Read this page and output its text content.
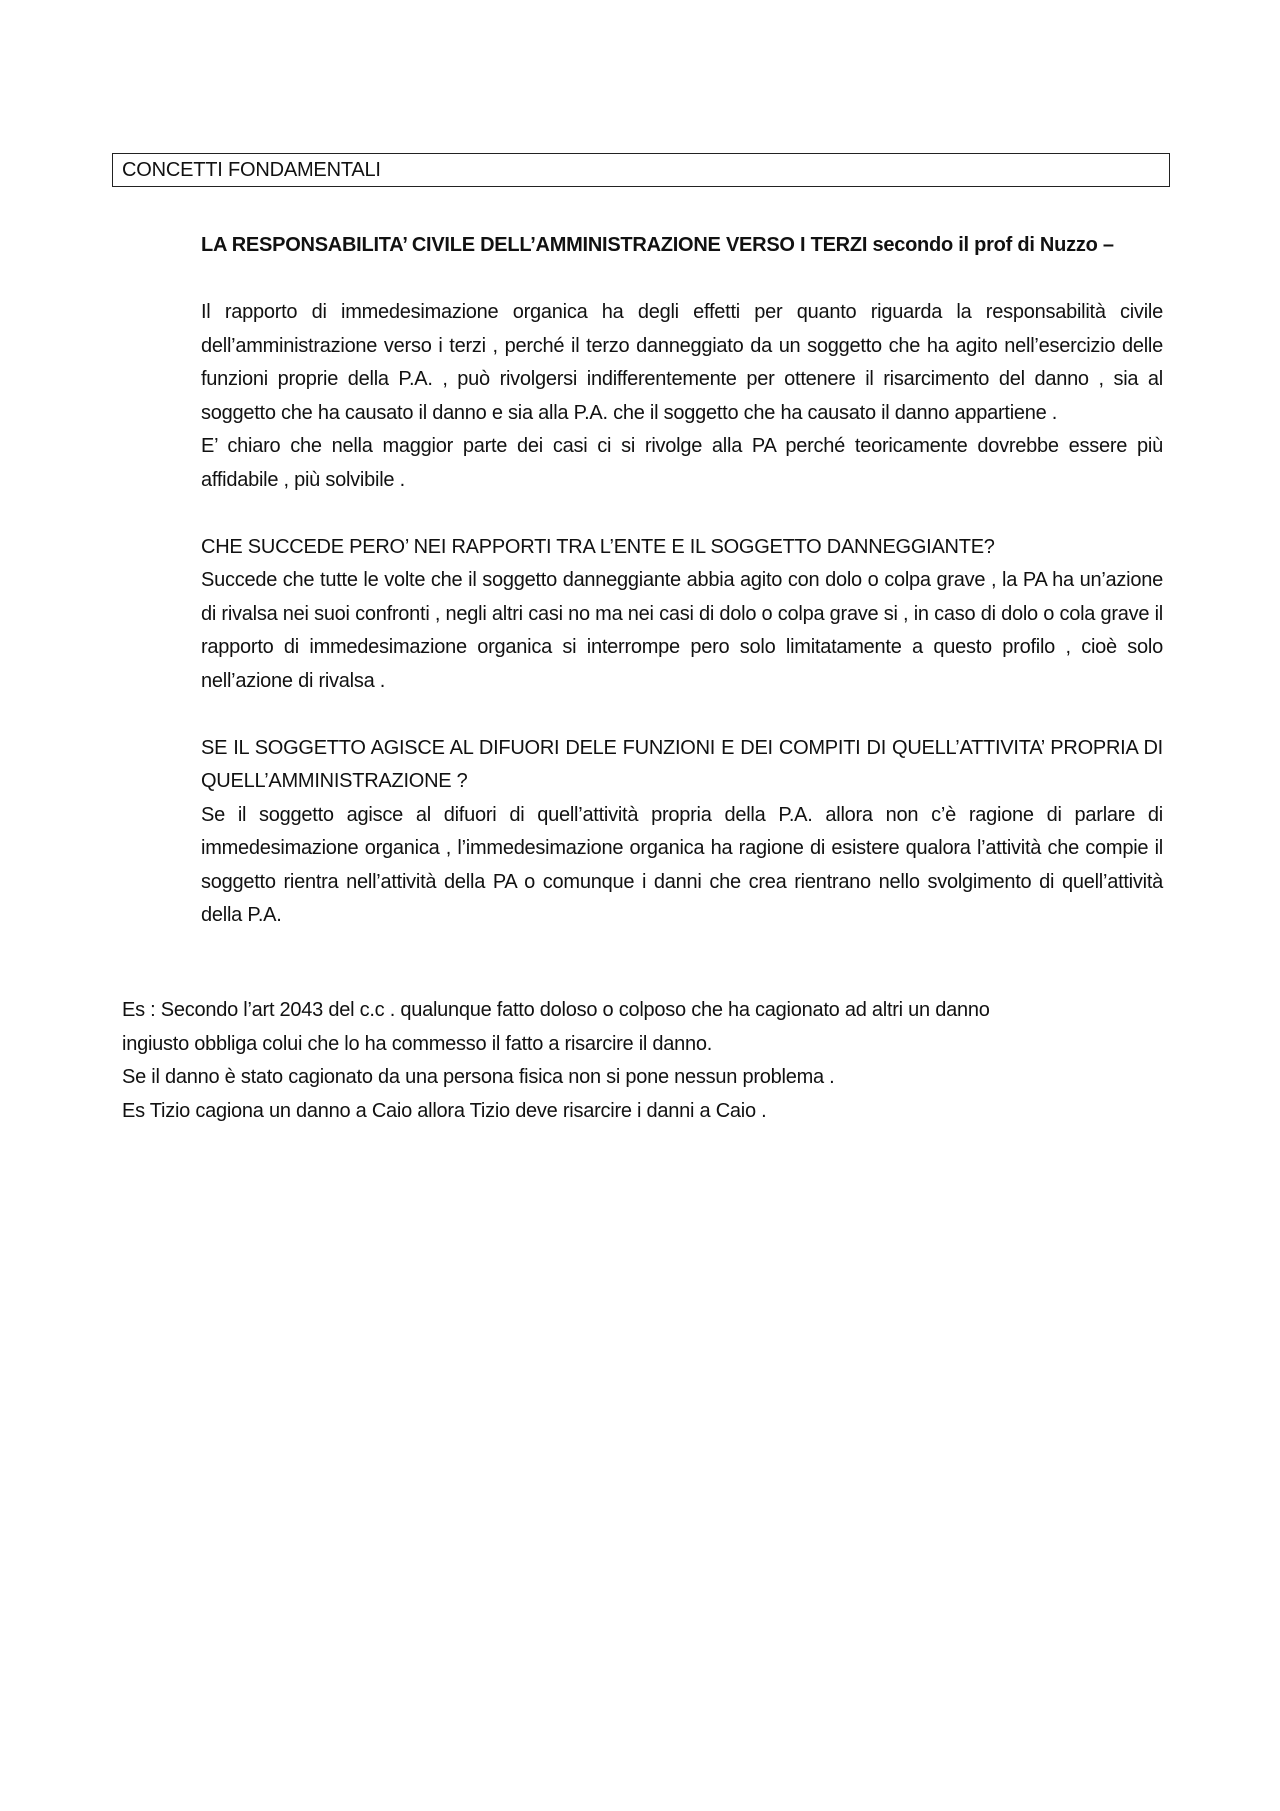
CONCETTI FONDAMENTALI

LA RESPONSABILITA’ CIVILE DELL’AMMINISTRAZIONE VERSO I TERZI secondo il prof di Nuzzo –

Il rapporto di immedesimazione organica ha degli effetti per quanto riguarda la responsabilità civile dell’amministrazione verso i terzi , perché il terzo danneggiato da un soggetto che ha agito nell’esercizio delle funzioni proprie della P.A. , può rivolgersi indifferentemente per ottenere il risarcimento del danno , sia al soggetto che ha causato il danno e sia alla P.A. che il soggetto che ha causato il danno appartiene .

E’ chiaro che nella maggior parte dei casi ci si rivolge alla PA perché teoricamente dovrebbe essere più affidabile , più solvibile .

CHE SUCCEDE PERO’ NEI RAPPORTI TRA L’ENTE E IL SOGGETTO DANNEGGIANTE?

Succede che tutte le volte che il soggetto danneggiante abbia agito con dolo o colpa grave , la PA ha un’azione di rivalsa nei suoi confronti , negli altri casi no ma nei casi di dolo o colpa grave si , in caso di dolo o cola grave il rapporto di immedesimazione organica si interrompe pero solo limitatamente a questo profilo , cioè solo nell’azione di rivalsa .

SE IL SOGGETTO AGISCE AL DIFUORI DELE FUNZIONI E DEI COMPITI DI QUELL’ATTIVITA’ PROPRIA DI QUELL’AMMINISTRAZIONE ?

Se il soggetto agisce al difuori di quell’attività propria della P.A. allora non c’è ragione di parlare di immedesimazione organica , l’immedesimazione organica ha ragione di esistere qualora l’attività che compie il soggetto rientra nell’attività della PA o comunque i danni che crea rientrano nello svolgimento di quell’attività della P.A.

Es : Secondo l’art 2043 del c.c . qualunque fatto doloso o colposo che ha cagionato ad altri un danno

ingiusto obbliga colui che lo ha commesso il fatto a risarcire il danno.

Se il danno è stato cagionato da una persona fisica non si pone nessun problema .

Es Tizio cagiona un danno a Caio allora Tizio deve risarcire i danni a Caio .
